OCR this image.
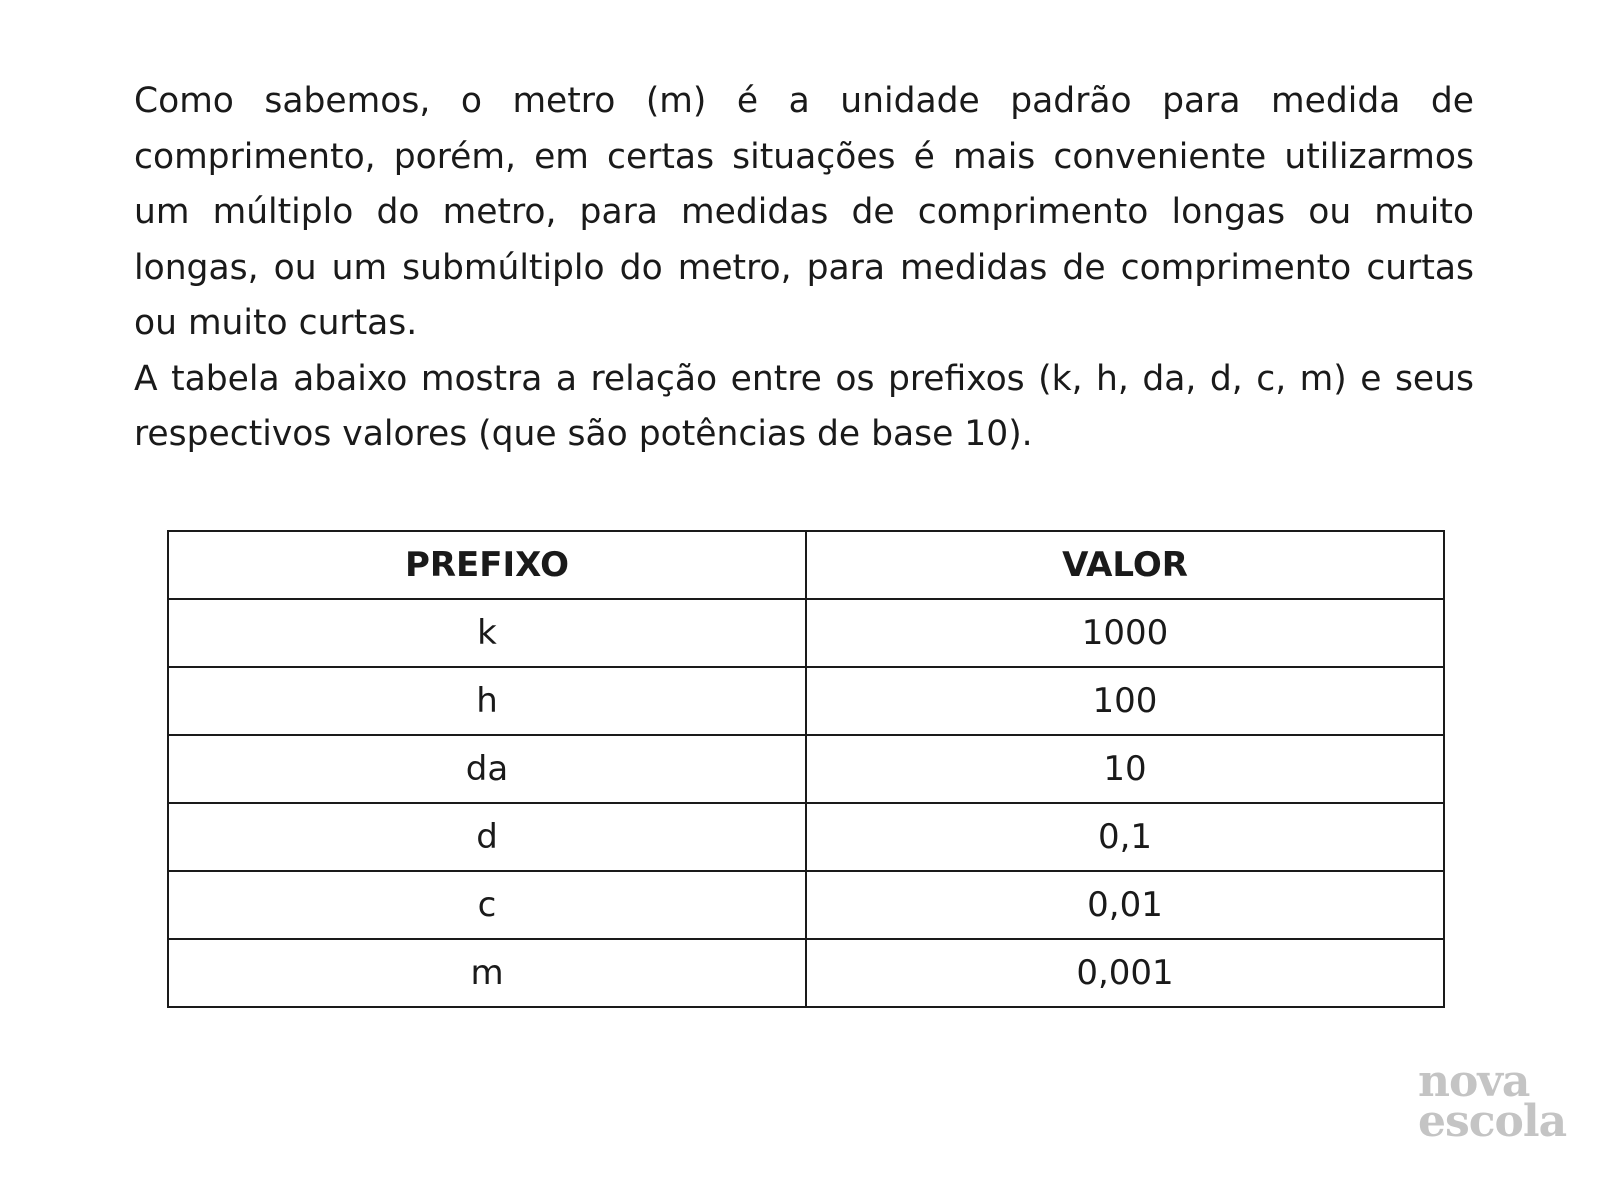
Como sabemos, o metro (m) é a unidade padrão para medida de comprimento, porém, em certas situações é mais conveniente utilizarmos um múltiplo do metro, para medidas de comprimento longas ou muito longas, ou um submúltiplo do metro, para medidas de comprimento curtas ou muito curtas.

A tabela abaixo mostra a relação entre os prefixos (k, h, da, d, c, m) e seus respectivos valores (que são potências de base 10).

PREFIXO	VALOR
k	1000
h	100
da	10
d	0,1
c	0,01
m	0,001
nova
escola
